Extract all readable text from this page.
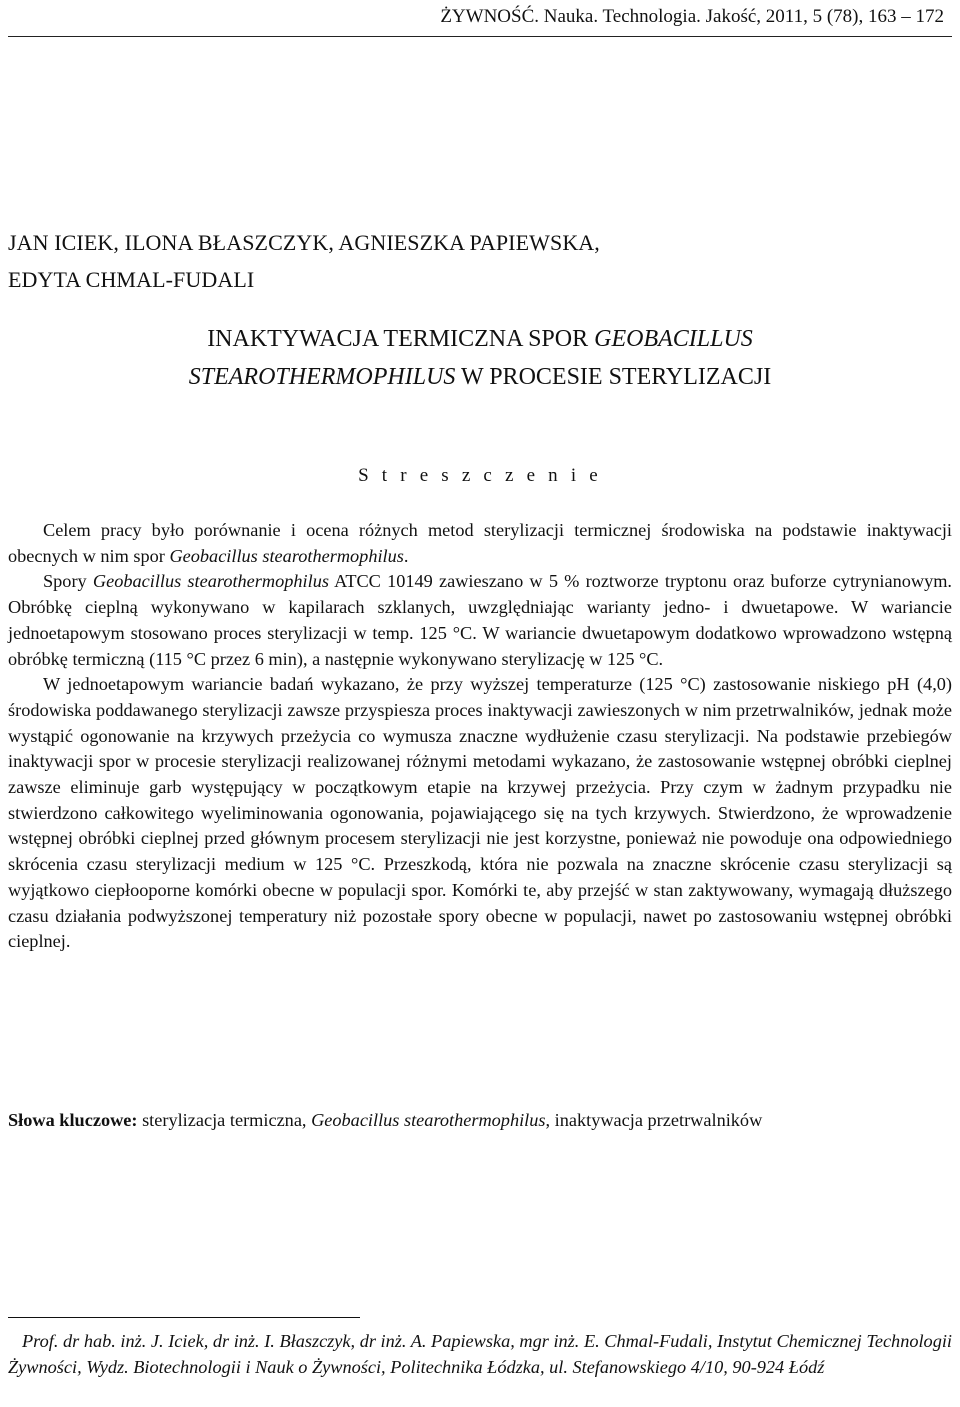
ŻYWNOŚĆ. Nauka. Technologia. Jakość, 2011, 5 (78), 163 – 172
JAN ICIEK, ILONA BŁASZCZYK, AGNIESZKA PAPIEWSKA,
EDYTA CHMAL-FUDALI
INAKTYWACJA TERMICZNA SPOR GEOBACILLUS
STEAROTHERMOPHILUS W PROCESIE STERYLIZACJI
S t r e s z c z e n i e

Celem pracy było porównanie i ocena różnych metod sterylizacji termicznej środowiska na podstawie inaktywacji obecnych w nim spor Geobacillus stearothermophilus.

Spory Geobacillus stearothermophilus ATCC 10149 zawieszano w 5 % roztworze tryptonu oraz buforze cytrynianowym. Obróbkę cieplną wykonywano w kapilarach szklanych, uwzględniając warianty jedno- i dwuetapowe. W wariancie jednoetapowym stosowano proces sterylizacji w temp. 125 °C. W wariancie dwuetapowym dodatkowo wprowadzono wstępną obróbkę termiczną (115 °C przez 6 min), a następnie wykonywano sterylizację w 125 °C.

W jednoetapowym wariancie badań wykazano, że przy wyższej temperaturze (125 °C) zastosowanie niskiego pH (4,0) środowiska poddawanego sterylizacji zawsze przyspiesza proces inaktywacji zawieszonych w nim przetrwalników, jednak może wystąpić ogonowanie na krzywych przeżycia co wymusza znaczne wydłużenie czasu sterylizacji. Na podstawie przebiegów inaktywacji spor w procesie sterylizacji realizowanej różnymi metodami wykazano, że zastosowanie wstępnej obróbki cieplnej zawsze eliminuje garb występujący w początkowym etapie na krzywej przeżycia. Przy czym w żadnym przypadku nie stwierdzono całkowitego wyeliminowania ogonowania, pojawiającego się na tych krzywych. Stwierdzono, że wprowadzenie wstępnej obróbki cieplnej przed głównym procesem sterylizacji nie jest korzystne, ponieważ nie powoduje ona odpowiedniego skrócenia czasu sterylizacji medium w 125 °C. Przeszkodą, która nie pozwala na znaczne skrócenie czasu sterylizacji są wyjątkowo ciepłooporne komórki obecne w populacji spor. Komórki te, aby przejść w stan zaktywowany, wymagają dłuższego czasu działania podwyższonej temperatury niż pozostałe spory obecne w populacji, nawet po zastosowaniu wstępnej obróbki cieplnej.

Słowa kluczowe: sterylizacja termiczna, Geobacillus stearothermophilus, inaktywacja przetrwalników

Prof. dr hab. inż. J. Iciek, dr inż. I. Błaszczyk, dr inż. A. Papiewska, mgr inż. E. Chmal-Fudali, Instytut Chemicznej Technologii Żywności, Wydz. Biotechnologii i Nauk o Żywności, Politechnika Łódzka, ul. Stefanowskiego 4/10, 90-924 Łódź
